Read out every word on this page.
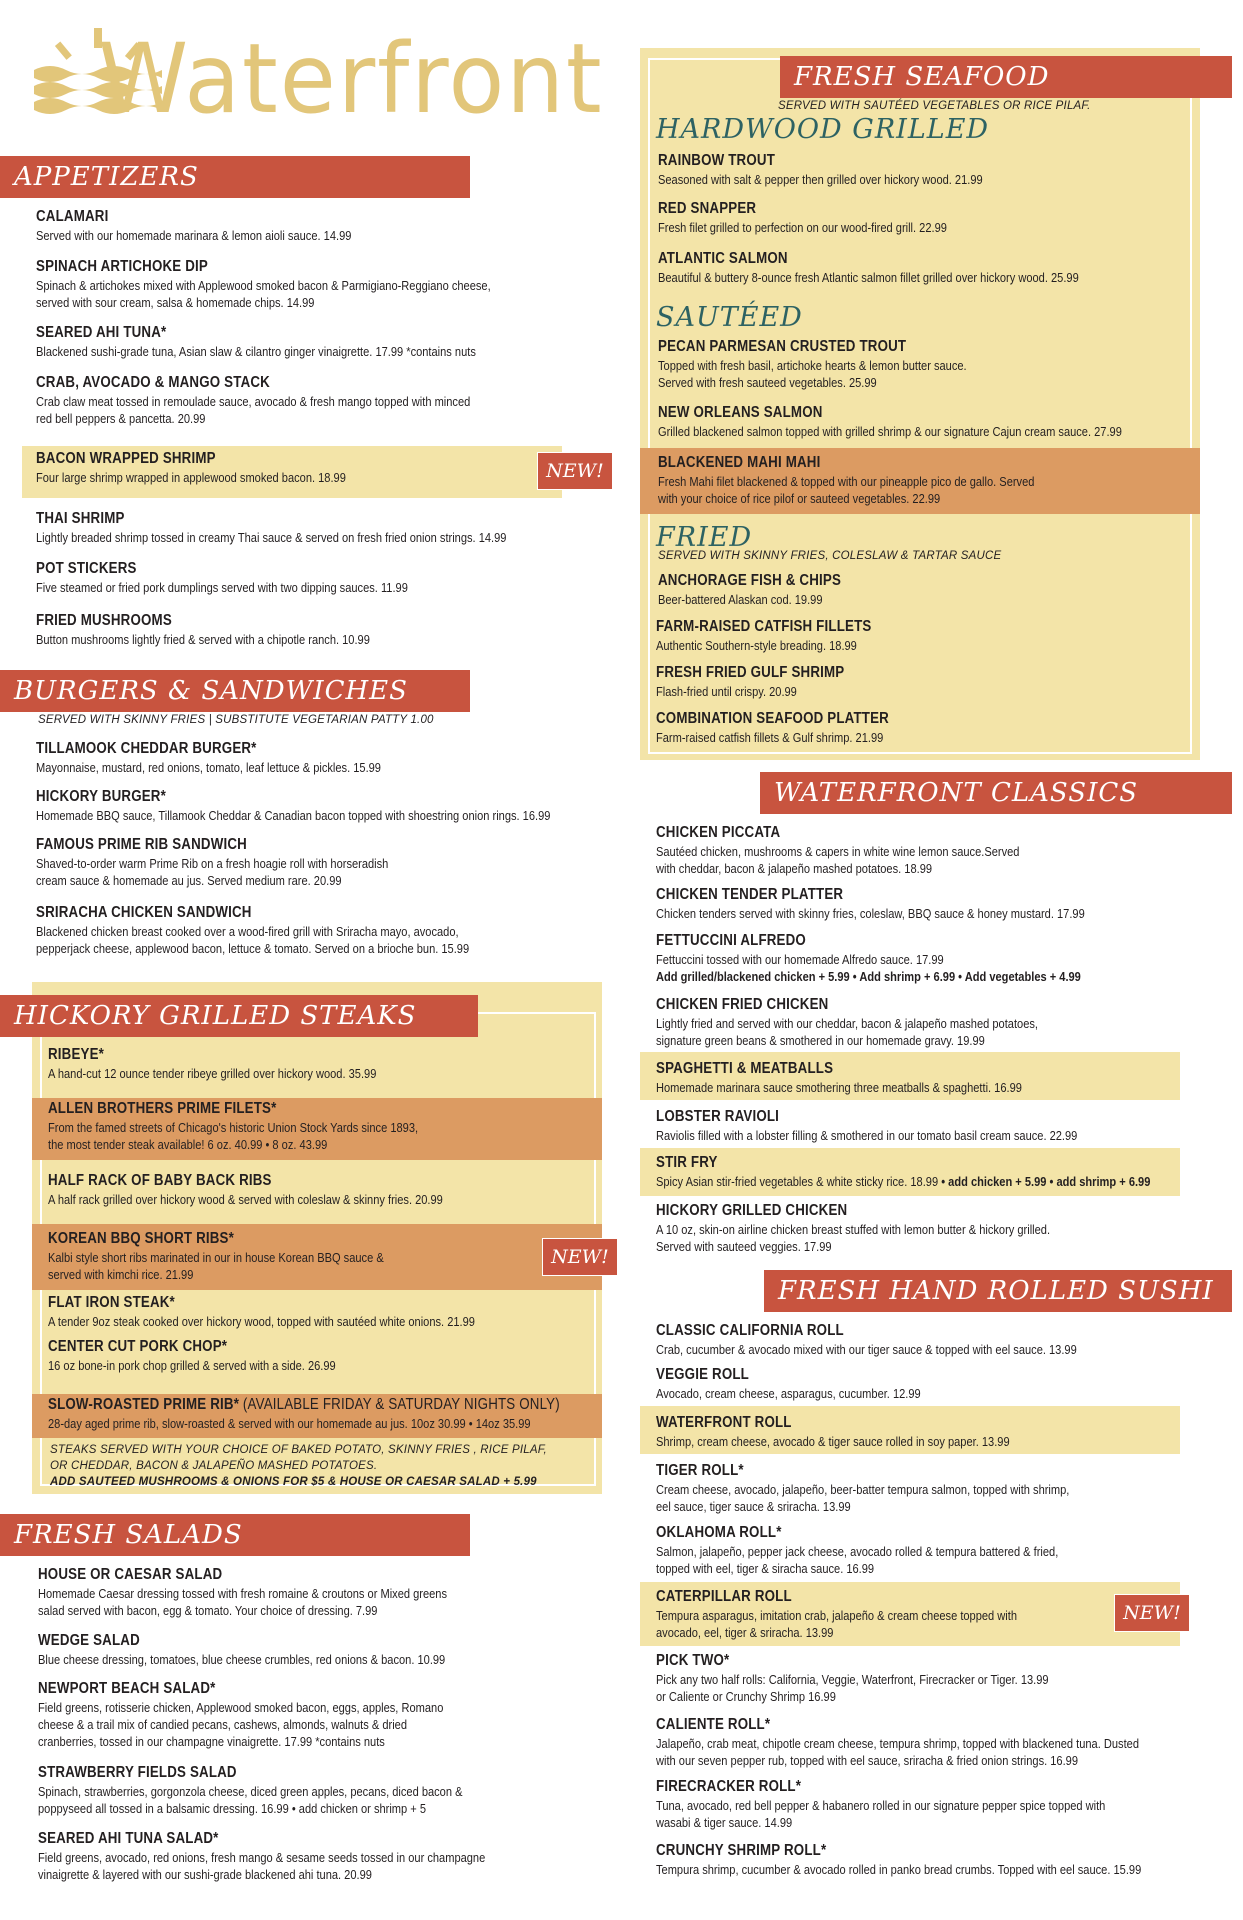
Waterfront
APPETIZERS
NEW!
CALAMARI
Served with our homemade marinara & lemon aioli sauce. 14.99
SPINACH ARTICHOKE DIP
Spinach & artichokes mixed with Applewood smoked bacon & Parmigiano-Reggiano cheese,
served with sour cream, salsa & homemade chips. 14.99
SEARED AHI TUNA*
Blackened sushi-grade tuna, Asian slaw & cilantro ginger vinaigrette. 17.99 *contains nuts
CRAB, AVOCADO & MANGO STACK
Crab claw meat tossed in remoulade sauce, avocado & fresh mango topped with minced
red bell peppers & pancetta. 20.99
BACON WRAPPED SHRIMP
Four large shrimp wrapped in applewood smoked bacon. 18.99
THAI SHRIMP
Lightly breaded shrimp tossed in creamy Thai sauce & served on fresh fried onion strings. 14.99
POT STICKERS
Five steamed or fried pork dumplings served with two dipping sauces. 11.99
FRIED MUSHROOMS
Button mushrooms lightly fried & served with a chipotle ranch. 10.99
BURGERS & SANDWICHES
SERVED WITH SKINNY FRIES | SUBSTITUTE VEGETARIAN PATTY 1.00
TILLAMOOK CHEDDAR BURGER*
Mayonnaise, mustard, red onions, tomato, leaf lettuce & pickles. 15.99
HICKORY BURGER*
Homemade BBQ sauce, Tillamook Cheddar & Canadian bacon topped with shoestring onion rings. 16.99
FAMOUS PRIME RIB SANDWICH
Shaved-to-order warm Prime Rib on a fresh hoagie roll with horseradish
cream sauce & homemade au jus. Served medium rare. 20.99
SRIRACHA CHICKEN SANDWICH
Blackened chicken breast cooked over a wood-fired grill with Sriracha mayo, avocado,
pepperjack cheese, applewood bacon, lettuce & tomato. Served on a brioche bun. 15.99
HICKORY GRILLED STEAKS
NEW!
RIBEYE*
A hand-cut 12 ounce tender ribeye grilled over hickory wood. 35.99
ALLEN BROTHERS PRIME FILETS*
From the famed streets of Chicago's historic Union Stock Yards since 1893,
the most tender steak available! 6 oz. 40.99 • 8 oz. 43.99
HALF RACK OF BABY BACK RIBS
A half rack grilled over hickory wood & served with coleslaw & skinny fries. 20.99
KOREAN BBQ SHORT RIBS*
Kalbi style short ribs marinated in our in house Korean BBQ sauce &
served with kimchi rice. 21.99
FLAT IRON STEAK*
A tender 9oz steak cooked over hickory wood, topped with sautéed white onions. 21.99
CENTER CUT PORK CHOP*
16 oz bone-in pork chop grilled & served with a side. 26.99
SLOW-ROASTED PRIME RIB* (AVAILABLE FRIDAY & SATURDAY NIGHTS ONLY)
28-day aged prime rib, slow-roasted & served with our homemade au jus. 10oz 30.99 • 14oz 35.99
STEAKS SERVED WITH YOUR CHOICE OF BAKED POTATO, SKINNY FRIES , RICE PILAF,
OR CHEDDAR, BACON & JALAPEÑO MASHED POTATOES.
ADD SAUTEED MUSHROOMS & ONIONS FOR $5 & HOUSE OR CAESAR SALAD + 5.99
FRESH SALADS
HOUSE OR CAESAR SALAD
Homemade Caesar dressing tossed with fresh romaine & croutons or Mixed greens
salad served with bacon, egg & tomato. Your choice of dressing. 7.99
WEDGE SALAD
Blue cheese dressing, tomatoes, blue cheese crumbles, red onions & bacon. 10.99
NEWPORT BEACH SALAD*
Field greens, rotisserie chicken, Applewood smoked bacon, eggs, apples, Romano
cheese & a trail mix of candied pecans, cashews, almonds, walnuts & dried
cranberries, tossed in our champagne vinaigrette. 17.99 *contains nuts
STRAWBERRY FIELDS SALAD
Spinach, strawberries, gorgonzola cheese, diced green apples, pecans, diced bacon &
poppyseed all tossed in a balsamic dressing. 16.99 • add chicken or shrimp + 5
SEARED AHI TUNA SALAD*
Field greens, avocado, red onions, fresh mango & sesame seeds tossed in our champagne
vinaigrette & layered with our sushi-grade blackened ahi tuna. 20.99
FRESH SEAFOOD
SERVED WITH SAUTÉED VEGETABLES OR RICE PILAF.
HARDWOOD GRILLED
RAINBOW TROUT
Seasoned with salt & pepper then grilled over hickory wood. 21.99
RED SNAPPER
Fresh filet grilled to perfection on our wood-fired grill. 22.99
ATLANTIC SALMON
Beautiful & buttery 8-ounce fresh Atlantic salmon fillet grilled over hickory wood. 25.99
SAUTÉED
PECAN PARMESAN CRUSTED TROUT
Topped with fresh basil, artichoke hearts & lemon butter sauce.
Served with fresh sauteed vegetables. 25.99
NEW ORLEANS SALMON
Grilled blackened salmon topped with grilled shrimp & our signature Cajun cream sauce. 27.99
BLACKENED MAHI MAHI
Fresh Mahi filet blackened & topped with our pineapple pico de gallo. Served
with your choice of rice pilof or sauteed vegetables. 22.99
FRIED
SERVED WITH SKINNY FRIES, COLESLAW & TARTAR SAUCE
ANCHORAGE FISH & CHIPS
Beer-battered Alaskan cod. 19.99
FARM-RAISED CATFISH FILLETS
Authentic Southern-style breading. 18.99
FRESH FRIED GULF SHRIMP
Flash-fried until crispy. 20.99
COMBINATION SEAFOOD PLATTER
Farm-raised catfish fillets & Gulf shrimp. 21.99
WATERFRONT CLASSICS
CHICKEN PICCATA
Sautéed chicken, mushrooms & capers in white wine lemon sauce.Served
with cheddar, bacon & jalapeño mashed potatoes. 18.99
CHICKEN TENDER PLATTER
Chicken tenders served with skinny fries, coleslaw, BBQ sauce & honey mustard. 17.99
FETTUCCINI ALFREDO
Fettuccini tossed with our homemade Alfredo sauce. 17.99
Add grilled/blackened chicken + 5.99 • Add shrimp + 6.99 • Add vegetables + 4.99
CHICKEN FRIED CHICKEN
Lightly fried and served with our cheddar, bacon & jalapeño mashed potatoes,
signature green beans & smothered in our homemade gravy. 19.99
SPAGHETTI & MEATBALLS
Homemade marinara sauce smothering three meatballs & spaghetti. 16.99
LOBSTER RAVIOLI
Raviolis filled with a lobster filling & smothered in our tomato basil cream sauce. 22.99
STIR FRY
Spicy Asian stir-fried vegetables & white sticky rice. 18.99 • add chicken + 5.99 • add shrimp + 6.99
HICKORY GRILLED CHICKEN
A 10 oz, skin-on airline chicken breast stuffed with lemon butter & hickory grilled.
Served with sauteed veggies. 17.99
FRESH HAND ROLLED SUSHI
NEW!
CLASSIC CALIFORNIA ROLL
Crab, cucumber & avocado mixed with our tiger sauce & topped with eel sauce. 13.99
VEGGIE ROLL
Avocado, cream cheese, asparagus, cucumber. 12.99
WATERFRONT ROLL
Shrimp, cream cheese, avocado & tiger sauce rolled in soy paper. 13.99
TIGER ROLL*
Cream cheese, avocado, jalapeño, beer-batter tempura salmon, topped with shrimp,
eel sauce, tiger sauce & sriracha. 13.99
OKLAHOMA ROLL*
Salmon, jalapeño, pepper jack cheese, avocado rolled & tempura battered & fried,
topped with eel, tiger & siracha sauce. 16.99
CATERPILLAR ROLL
Tempura asparagus, imitation crab, jalapeño & cream cheese topped with
avocado, eel, tiger & sriracha. 13.99
PICK TWO*
Pick any two half rolls: California, Veggie, Waterfront, Firecracker or Tiger. 13.99
or Caliente or Crunchy Shrimp 16.99
CALIENTE ROLL*
Jalapeño, crab meat, chipotle cream cheese, tempura shrimp, topped with blackened tuna. Dusted
with our seven pepper rub, topped with eel sauce, sriracha & fried onion strings. 16.99
FIRECRACKER ROLL*
Tuna, avocado, red bell pepper & habanero rolled in our signature pepper spice topped with
wasabi & tiger sauce. 14.99
CRUNCHY SHRIMP ROLL*
Tempura shrimp, cucumber & avocado rolled in panko bread crumbs. Topped with eel sauce. 15.99
